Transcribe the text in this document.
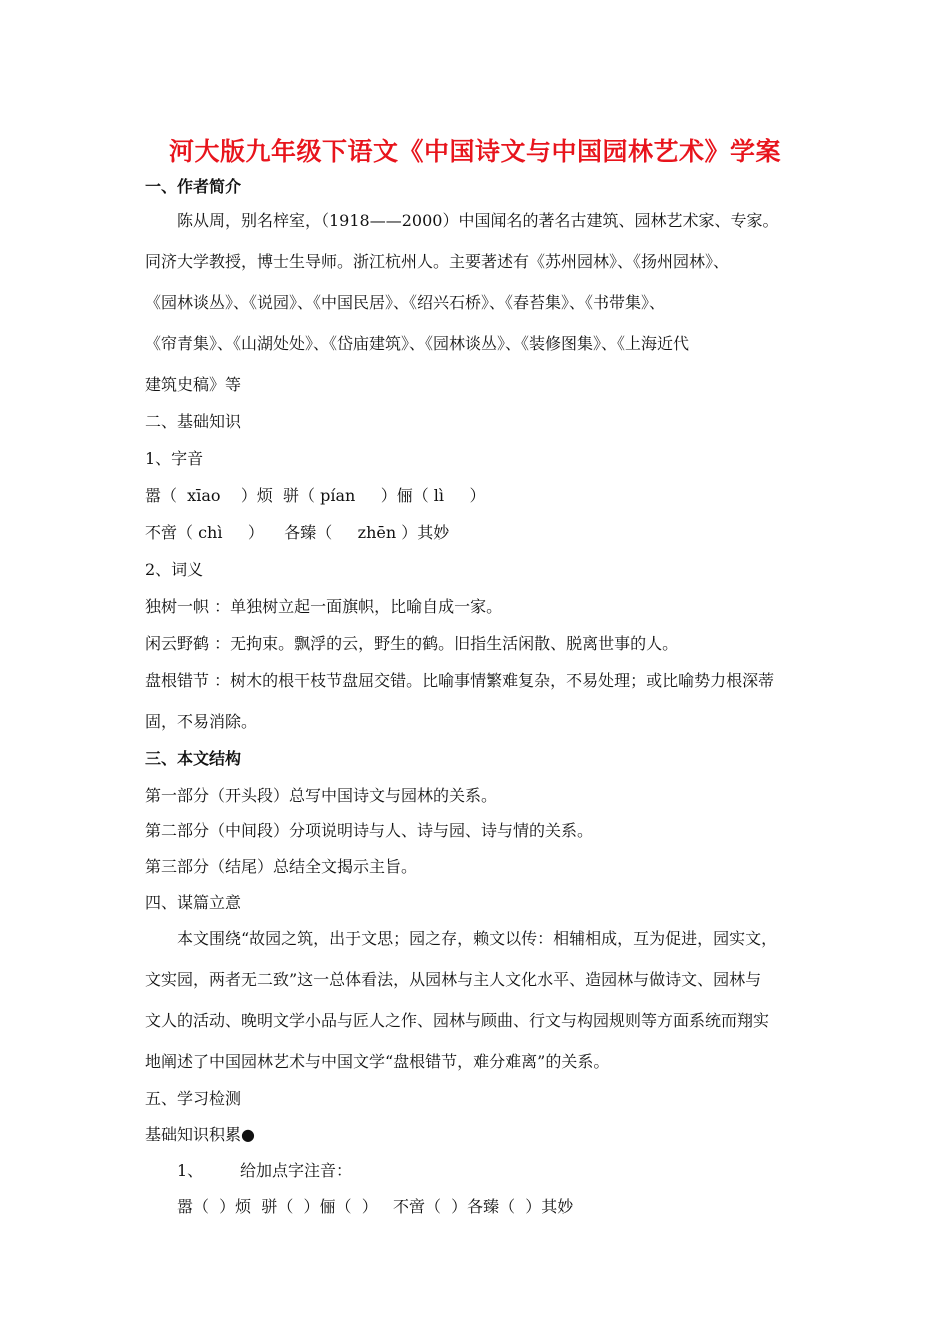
河大版九年级下语文《中国诗文与中国园林艺术》学案
一、作者简介
陈从周，别名梓室，（1918——2000）中国闻名的著名古建筑、园林艺术家、专家。
同济大学教授，博士生导师。浙江杭州人。主要著述有《苏州园林》、《扬州园林》、
《园林谈丛》、《说园》、《中国民居》、《绍兴石桥》、《春苔集》、《书带集》、
《帘青集》、《山湖处处》、《岱庙建筑》、《园林谈丛》、《装修图集》、《上海近代
建筑史稿》等
二、基础知识
1、字音
嚣（  xīao    ）烦  骈（ pían     ）俪（ lì     ）
不啻（ chì     ）    各臻（     zhēn ）其妙
2、词义
独树一帜 ：单独树立起一面旗帜，比喻自成一家。
闲云野鹤 ：无拘束。飘浮的云，野生的鹤。旧指生活闲散、脱离世事的人。
盘根错节 ：树木的根干枝节盘屈交错。比喻事情繁难复杂，不易处理；或比喻势力根深蒂
固，不易消除。
三、本文结构
第一部分（开头段）总写中国诗文与园林的关系。
第二部分（中间段）分项说明诗与人、诗与园、诗与情的关系。
第三部分（结尾）总结全文揭示主旨。
四、谋篇立意
本文围绕“故园之筑，出于文思；园之存，赖文以传：相辅相成，互为促进，园实文，
文实园，两者无二致”这一总体看法，从园林与主人文化水平、造园林与做诗文、园林与
文人的活动、晚明文学小品与匠人之作、园林与顾曲、行文与构园规则等方面系统而翔实
地阐述了中国园林艺术与中国文学“盘根错节，难分难离”的关系。
五、学习检测
基础知识积累●
1、 给加点字注音：
嚣（  ）烦  骈（  ）俪（  ）   不啻（  ）各臻（  ）其妙
